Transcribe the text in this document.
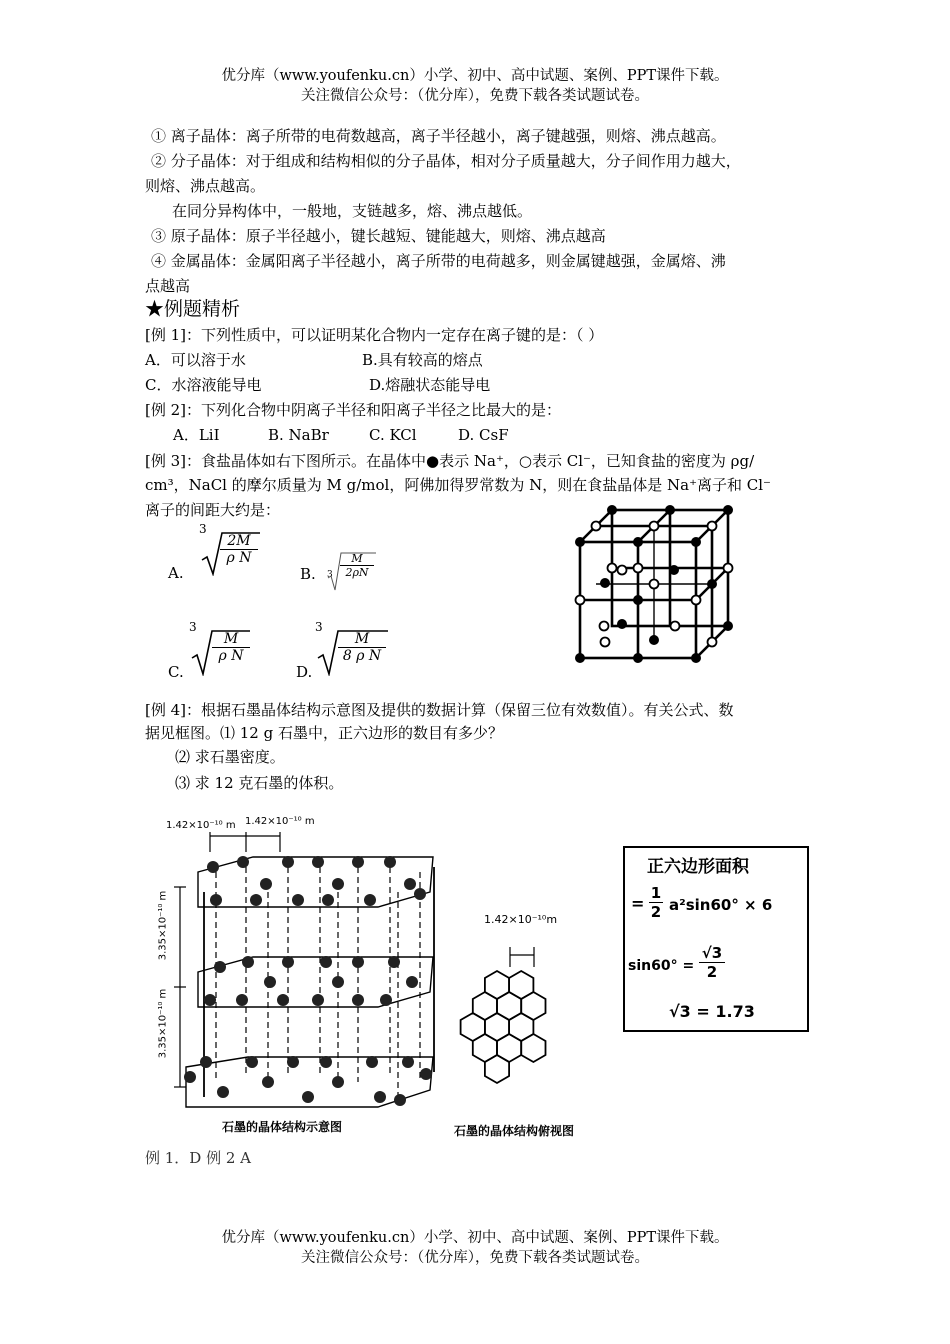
优分库（www.youfenku.cn）小学、初中、高中试题、案例、PPT课件下载。
关注微信公众号：（优分库），免费下载各类试题试卷。
① 离子晶体：离子所带的电荷数越高，离子半径越小，离子键越强，则熔、沸点越高。
② 分子晶体：对于组成和结构相似的分子晶体，相对分子质量越大，分子间作用力越大，
则熔、沸点越高。
在同分异构体中，一般地，支链越多，熔、沸点越低。
③ 原子晶体：原子半径越小，键长越短、键能越大，则熔、沸点越高
④ 金属晶体：金属阳离子半径越小，离子所带的电荷越多，则金属键越强，金属熔、沸
点越高
★例题精析
[例 1]：下列性质中，可以证明某化合物内一定存在离子键的是：（ ）
A．可以溶于水	B.具有较高的熔点
C．水溶液能导电	D.熔融状态能导电
[例 2]：下列化合物中阴离子半径和阳离子半径之比最大的是：
A．LiI	B. NaBr	C. KCl	D. CsF
[例 3]：食盐晶体如右下图所示。在晶体中●表示 Na⁺，○表示 Cl⁻，已知食盐的密度为 ρg/
cm³，NaCl 的摩尔质量为 M g/mol，阿佛加得罗常数为 N，则在食盐晶体是 Na⁺离子和 Cl⁻
离子的间距大约是：
A.
3
$\frac{2M}{\text{ρ N}}$
B. $3 \frac{M}{2\rho N}$
C.
3
$\frac{M}{\text{ρ N}}$
D.
3
$\frac{M}{\text{8 ρ N}}$
[例 4]：根据石墨晶体结构示意图及提供的数据计算（保留三位有效数值）。有关公式、数
据见框图。⑴ 12 g 石墨中，正六边形的数目有多少？
⑵ 求石墨密度。
⑶ 求 12 克石墨的体积。
1.42×10⁻¹⁰ m 1.42×10⁻¹⁰ m
3.35×10⁻¹⁰ m
3.35×10⁻¹⁰ m
石墨的晶体结构示意图
1.42×10⁻¹⁰m
石墨的晶体结构俯视图
正六边形面积
= $\frac{1}{2} a^2\sin 60^\circ \times 6$
$\sin 60^\circ = \frac{√3}{2}$
√3 = 1.73
例 1．D 例 2 A
优分库（www.youfenku.cn）小学、初中、高中试题、案例、PPT课件下载。
关注微信公众号：（优分库），免费下载各类试题试卷。
